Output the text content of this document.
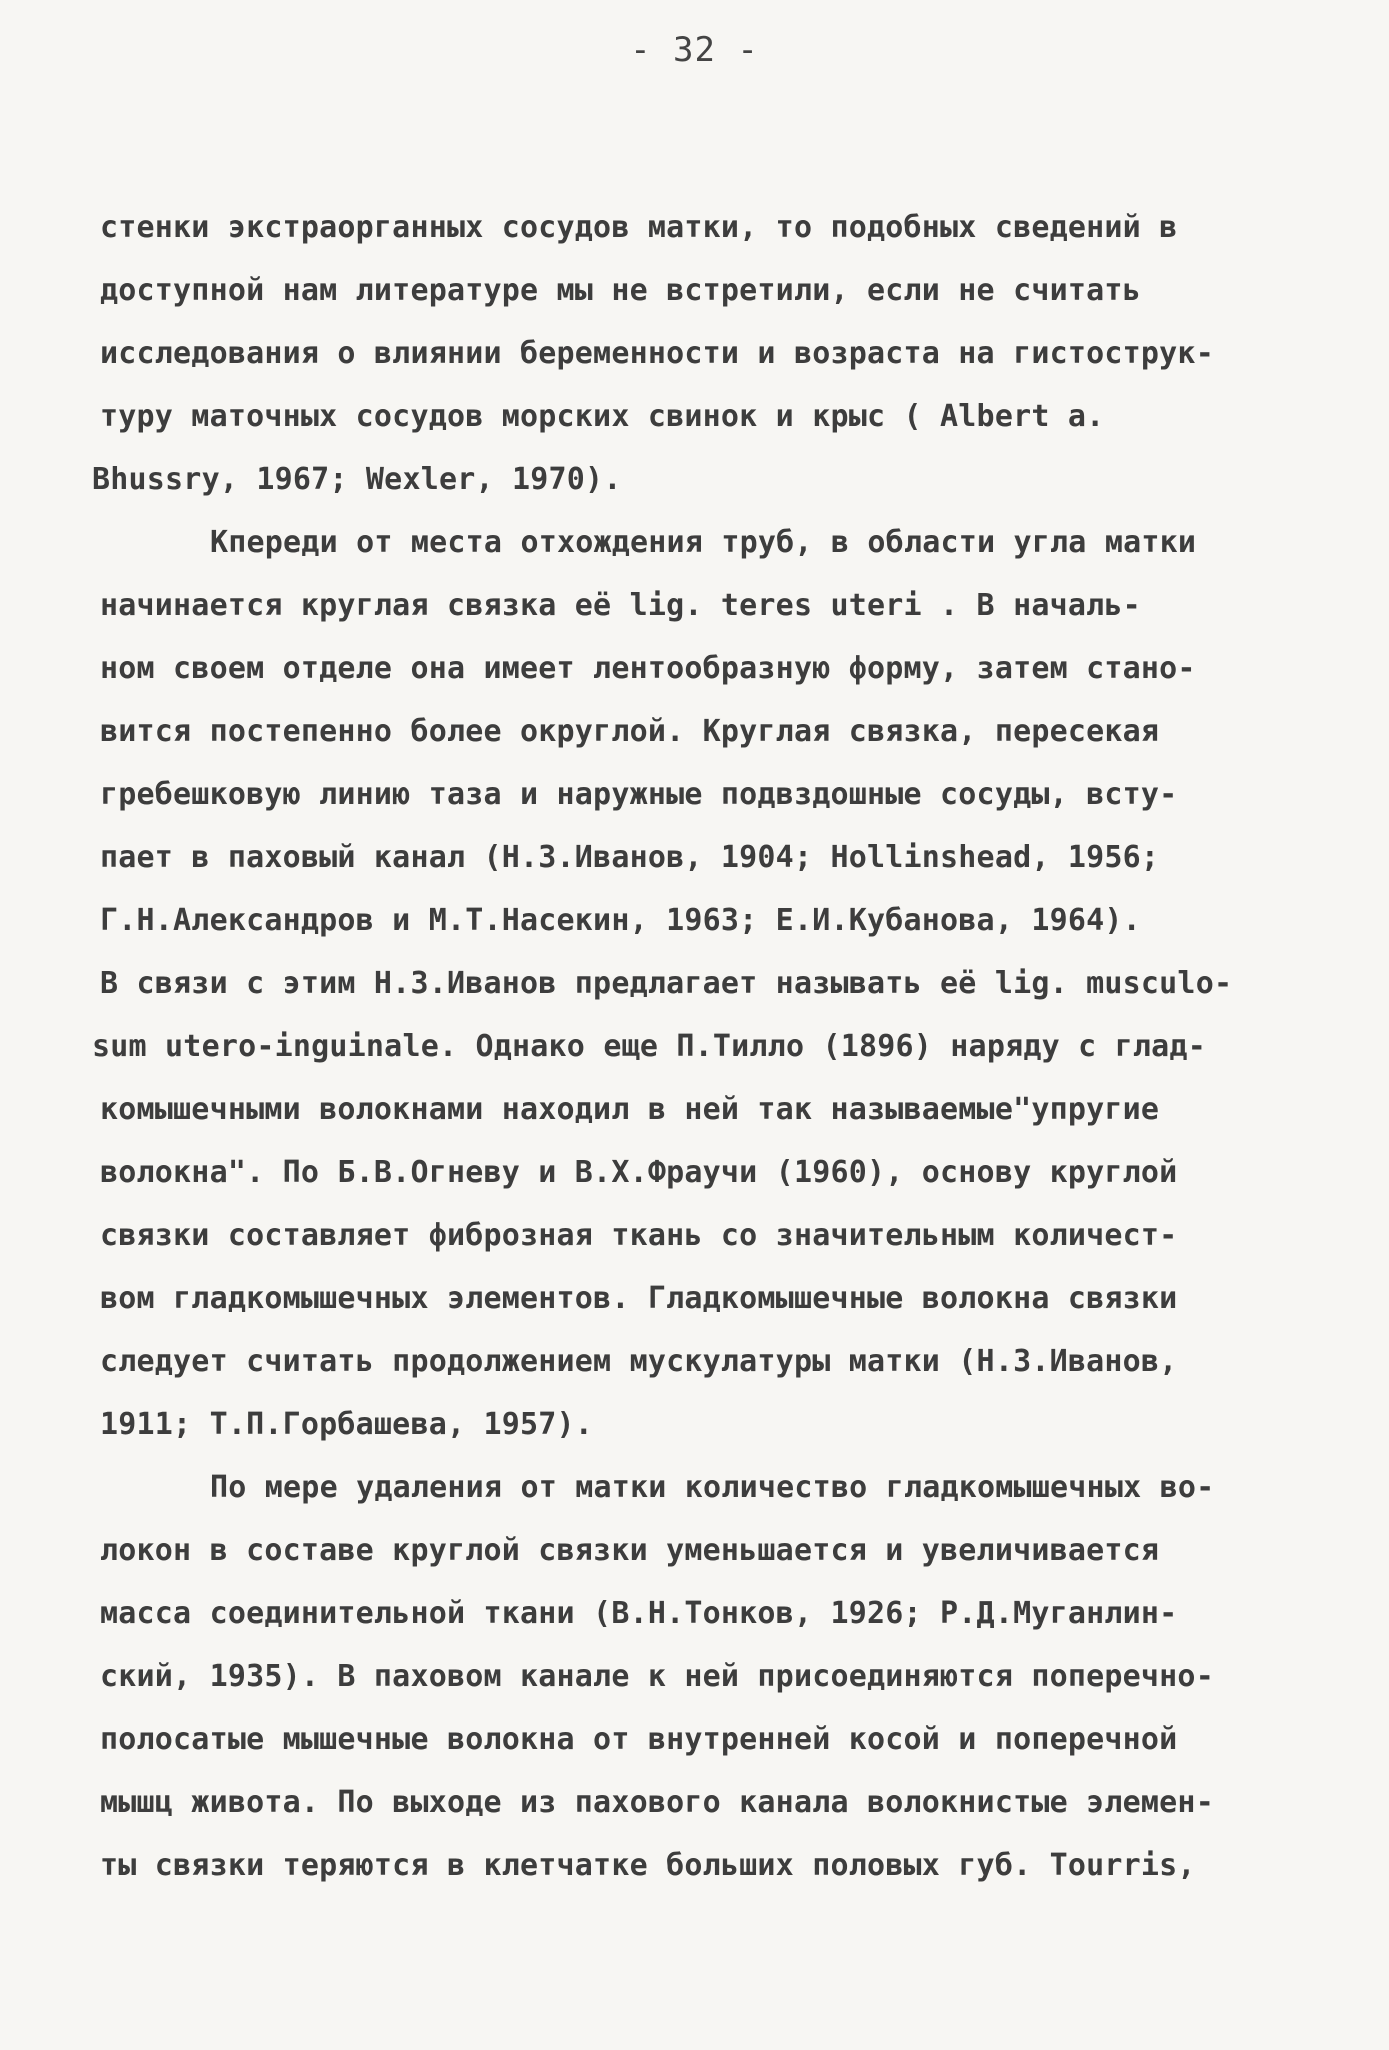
- 32 -
стенки экстраорганных сосудов матки, то подобных сведений в
доступной нам литературе мы не встретили, если не считать
исследования о влиянии беременности и возраста на гистострук-
туру маточных сосудов морских свинок и крыс ( Albert a.
Bhussry, 1967; Wexler, 1970).
Кпереди от места отхождения труб, в области угла матки
начинается круглая связка её lig. teres uteri . В началь-
ном своем отделе она имеет лентообразную форму, затем стано-
вится постепенно более округлой. Круглая связка, пересекая
гребешковую линию таза и наружные подвздошные сосуды, всту-
пает в паховый канал (Н.З.Иванов, 1904; Hollinshead, 1956;
Г.Н.Александров и М.Т.Насекин, 1963; Е.И.Кубанова, 1964).
В связи с этим Н.З.Иванов предлагает называть её lig. musculo-
sum utero-inguinale. Однако еще П.Тилло (1896) наряду с глад-
комышечными волокнами находил в ней так называемые"упругие
волокна". По Б.В.Огневу и В.Х.Фраучи (1960), основу круглой
связки составляет фиброзная ткань со значительным количест-
вом гладкомышечных элементов. Гладкомышечные волокна связки
следует считать продолжением мускулатуры матки (Н.З.Иванов,
1911; Т.П.Горбашева, 1957).
По мере удаления от матки количество гладкомышечных во-
локон в составе круглой связки уменьшается и увеличивается
масса соединительной ткани (В.Н.Тонков, 1926; Р.Д.Муганлин-
ский, 1935). В паховом канале к ней присоединяются поперечно-
полосатые мышечные волокна от внутренней косой и поперечной
мышц живота. По выходе из пахового канала волокнистые элемен-
ты связки теряются в клетчатке больших половых губ. Tourris,
